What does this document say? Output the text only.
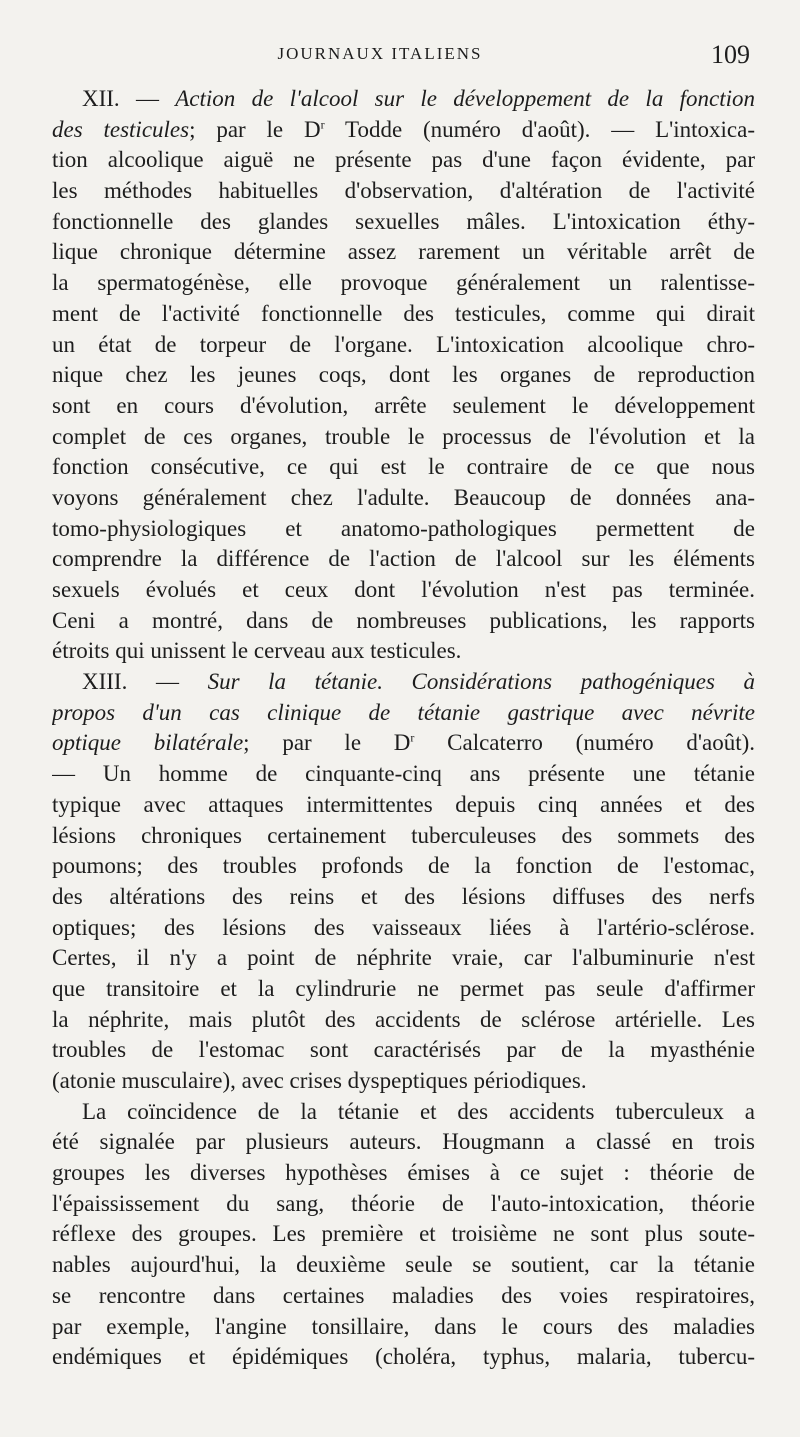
JOURNAUX ITALIENS	109
XII. — Action de l'alcool sur le développement de la fonction
des testicules; par le $D^r$ Todde (numéro d'août). — L'intoxica-
tion alcoolique aiguë ne présente pas d'une façon évidente, par
les méthodes habituelles d'observation, d'altération de l'activité
fonctionnelle des glandes sexuelles mâles. L'intoxication éthy-
lique chronique détermine assez rarement un véritable arrêt de
la spermatogénèse, elle provoque généralement un ralentisse-
ment de l'activité fonctionnelle des testicules, comme qui dirait
un état de torpeur de l'organe. L'intoxication alcoolique chro-
nique chez les jeunes coqs, dont les organes de reproduction
sont en cours d'évolution, arrête seulement le développement
complet de ces organes, trouble le processus de l'évolution et la
fonction consécutive, ce qui est le contraire de ce que nous
voyons généralement chez l'adulte. Beaucoup de données ana-
tomo-physiologiques et anatomo-pathologiques permettent de
comprendre la différence de l'action de l'alcool sur les éléments
sexuels évolués et ceux dont l'évolution n'est pas terminée.
Ceni a montré, dans de nombreuses publications, les rapports
étroits qui unissent le cerveau aux testicules.
XIII. — Sur la tétanie. Considérations pathogéniques à
propos d'un cas clinique de tétanie gastrique avec névrite
optique bilatérale; par le $D^r$ Calcaterro (numéro d'août).
— Un homme de cinquante-cinq ans présente une tétanie
typique avec attaques intermittentes depuis cinq années et des
lésions chroniques certainement tuberculeuses des sommets des
poumons; des troubles profonds de la fonction de l'estomac,
des altérations des reins et des lésions diffuses des nerfs
optiques; des lésions des vaisseaux liées à l'artério-sclérose.
Certes, il n'y a point de néphrite vraie, car l'albuminurie n'est
que transitoire et la cylindrurie ne permet pas seule d'affirmer
la néphrite, mais plutôt des accidents de sclérose artérielle. Les
troubles de l'estomac sont caractérisés par de la myasthénie
(atonie musculaire), avec crises dyspeptiques périodiques.
La coïncidence de la tétanie et des accidents tuberculeux a
été signalée par plusieurs auteurs. Hougmann a classé en trois
groupes les diverses hypothèses émises à ce sujet : théorie de
l'épaississement du sang, théorie de l'auto-intoxication, théorie
réflexe des groupes. Les première et troisième ne sont plus soute-
nables aujourd'hui, la deuxième seule se soutient, car la tétanie
se rencontre dans certaines maladies des voies respiratoires,
par exemple, l'angine tonsillaire, dans le cours des maladies
endémiques et épidémiques (choléra, typhus, malaria, tubercu-
